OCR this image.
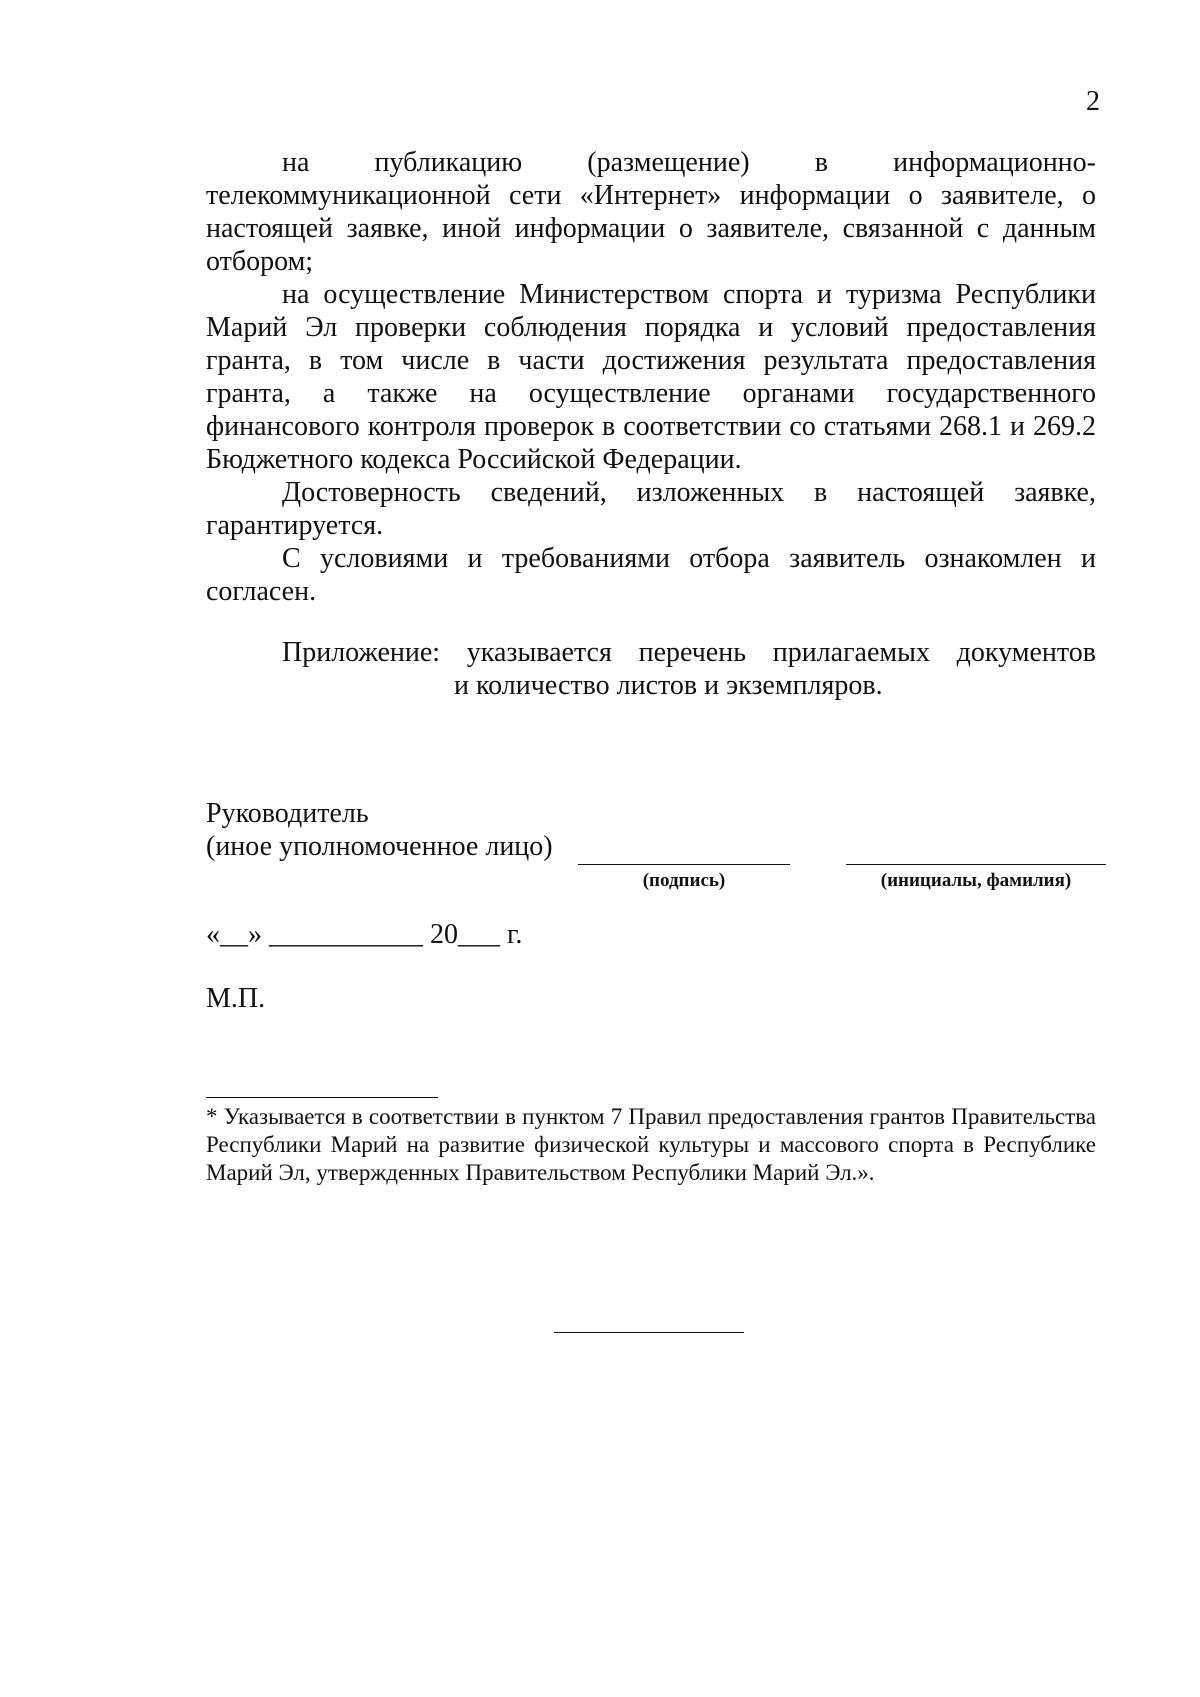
2

на публикацию (размещение) в информационно-телекоммуникационной сети «Интернет» информации о заявителе, о настоящей заявке, иной информации о заявителе, связанной с данным отбором;

на осуществление Министерством спорта и туризма Республики Марий Эл проверки соблюдения порядка и условий предоставления гранта, в том числе в части достижения результата предоставления гранта, а также на осуществление органами государственного финансового контроля проверок в соответствии со статьями 268.1 и 269.2 Бюджетного кодекса Российской Федерации.

Достоверность сведений, изложенных в настоящей заявке, гарантируется.

С условиями и требованиями отбора заявитель ознакомлен и согласен.

Приложение: указывается перечень прилагаемых документов
и количество листов и экземпляров.
Руководитель
(иное уполномоченное лицо)
(подпись)	(инициалы, фамилия)
«__» ___________ 20___ г.
М.П.
* Указывается в соответствии в пунктом 7 Правил предоставления грантов Правительства Республики Марий на развитие физической культуры и массового спорта в Республике Марий Эл, утвержденных Правительством Республики Марий Эл.».
